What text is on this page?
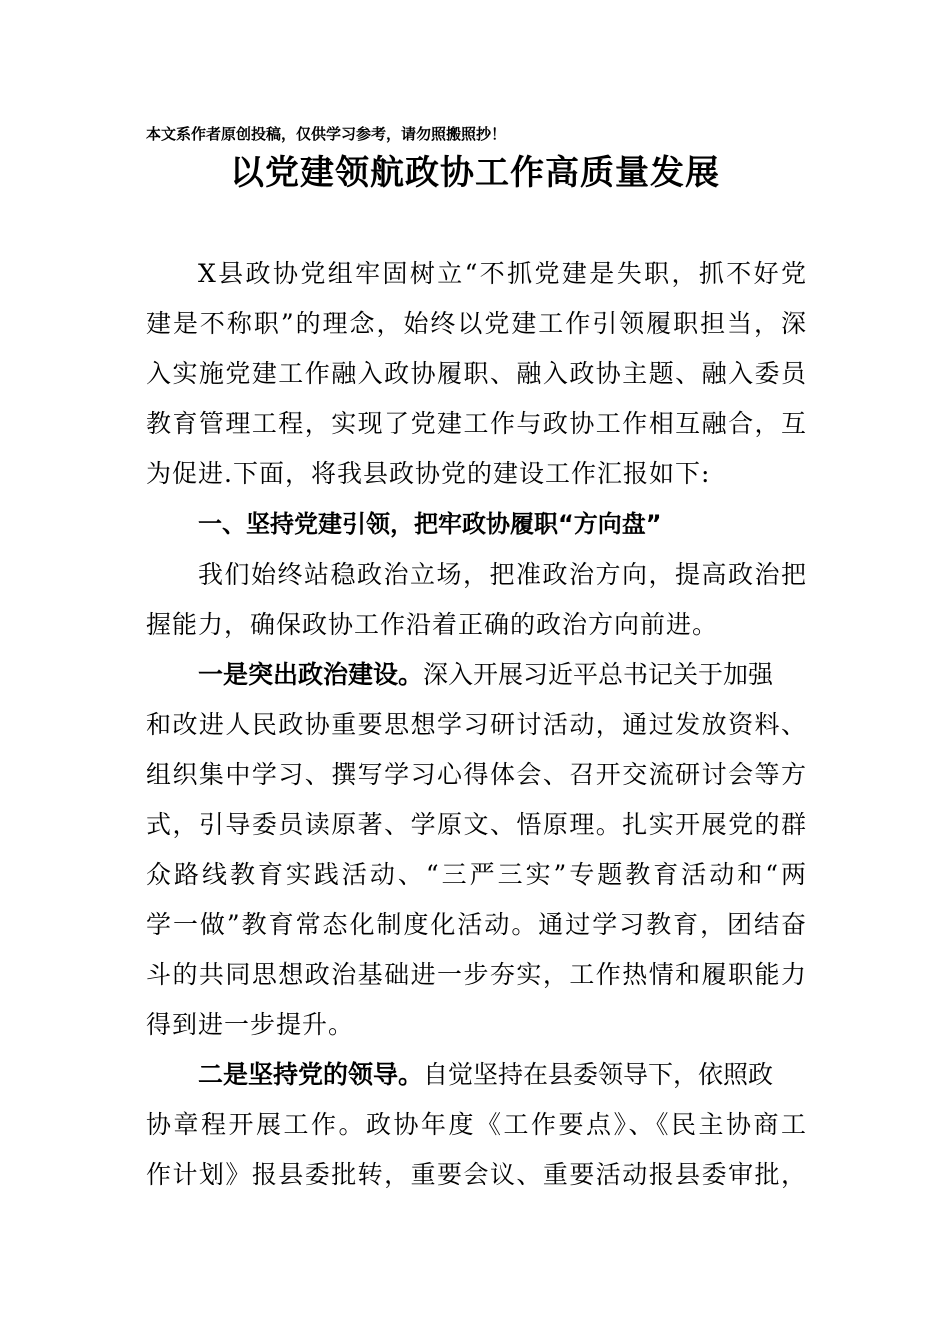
本文系作者原创投稿，仅供学习参考，请勿照搬照抄！
以党建领航政协工作高质量发展
X县政协党组牢固树立“不抓党建是失职，抓不好党
建是不称职”的理念，始终以党建工作引领履职担当，深
入实施党建工作融入政协履职、融入政协主题、融入委员
教育管理工程，实现了党建工作与政协工作相互融合，互
为促进.下面，将我县政协党的建设工作汇报如下:
一、坚持党建引领，把牢政协履职“方向盘”
我们始终站稳政治立场，把准政治方向，提高政治把
握能力，确保政协工作沿着正确的政治方向前进。
一是突出政治建设。深入开展习近平总书记关于加强
和改进人民政协重要思想学习研讨活动，通过发放资料、
组织集中学习、撰写学习心得体会、召开交流研讨会等方
式，引导委员读原著、学原文、悟原理。扎实开展党的群
众路线教育实践活动、“三严三实”专题教育活动和“两
学一做”教育常态化制度化活动。通过学习教育，团结奋
斗的共同思想政治基础进一步夯实，工作热情和履职能力
得到进一步提升。
二是坚持党的领导。自觉坚持在县委领导下，依照政
协章程开展工作。政协年度《工作要点》、《民主协商工
作计划》报县委批转，重要会议、重要活动报县委审批，
